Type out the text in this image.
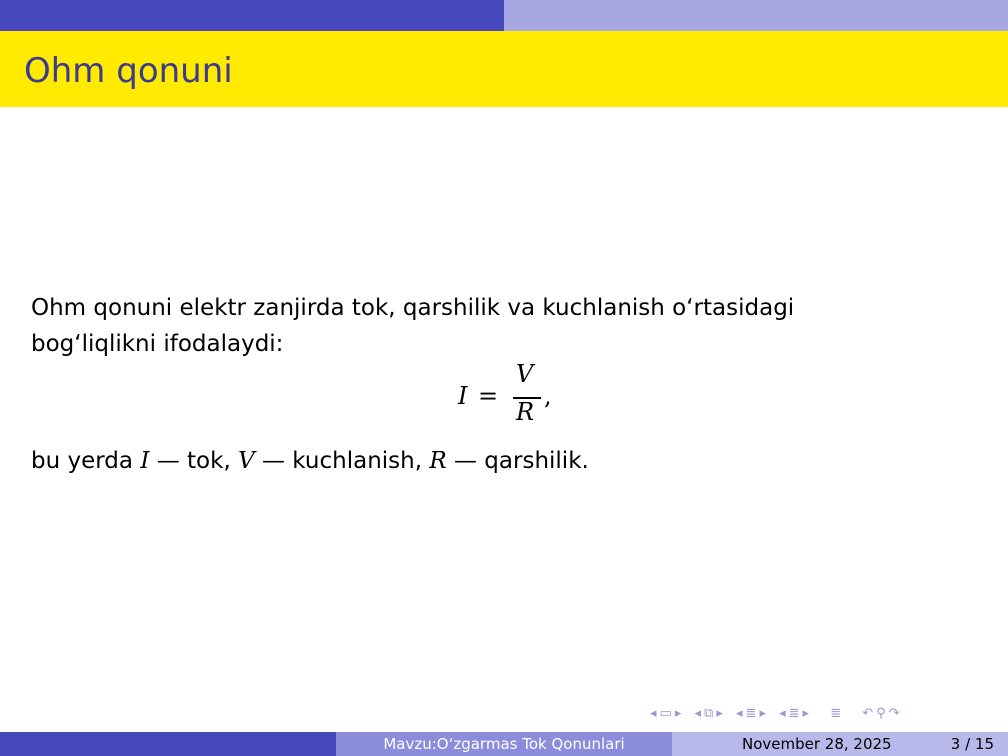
Ohm qonuni
Ohm qonuni elektr zanjirda tok, qarshilik va kuchlanish o‘rtasidagi
bog‘liqlikni ifodalaydi:
I =
V
R
,
bu yerda I — tok, V — kuchlanish, R — qarshilik.
◂ ▭ ▸ ◂ ⧉ ▸ ◂ ≣ ▸ ◂ ≣ ▸ ≣ ↶ ⚲ ↷
Mavzu:O‘zgarmas Tok Qonunlari	November 28, 2025	3 / 15
